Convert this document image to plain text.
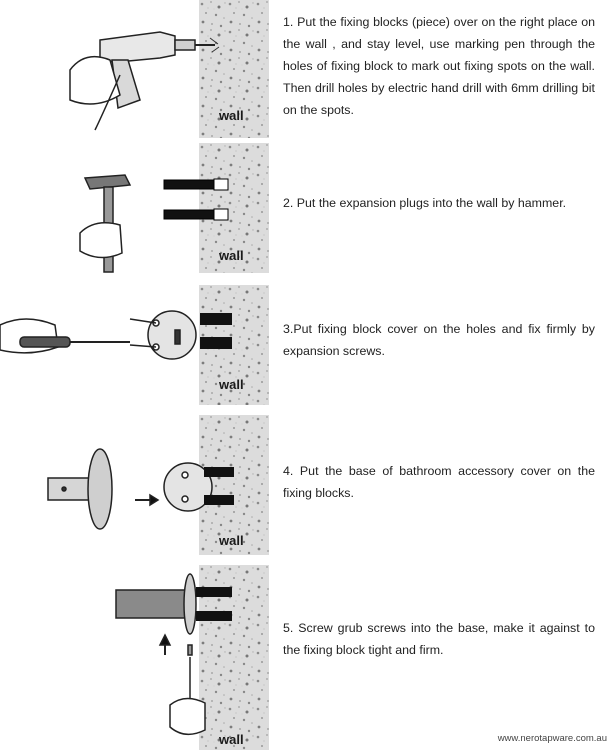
wall
1. Put the fixing blocks (piece) over on the right place on the wall , and stay level, use marking pen through the holes of fixing block to mark out fixing spots on the wall. Then drill holes by electric hand drill with 6mm drilling bit on the spots.
wall
2. Put the expansion plugs into the wall by hammer.
wall
3.Put fixing block cover on the holes and fix firmly by expansion screws.
wall
4. Put the base of bathroom accessory cover on the fixing blocks.
wall
5. Screw grub screws into the base, make it against to the fixing block tight and firm.
www.nerotapware.com.au
